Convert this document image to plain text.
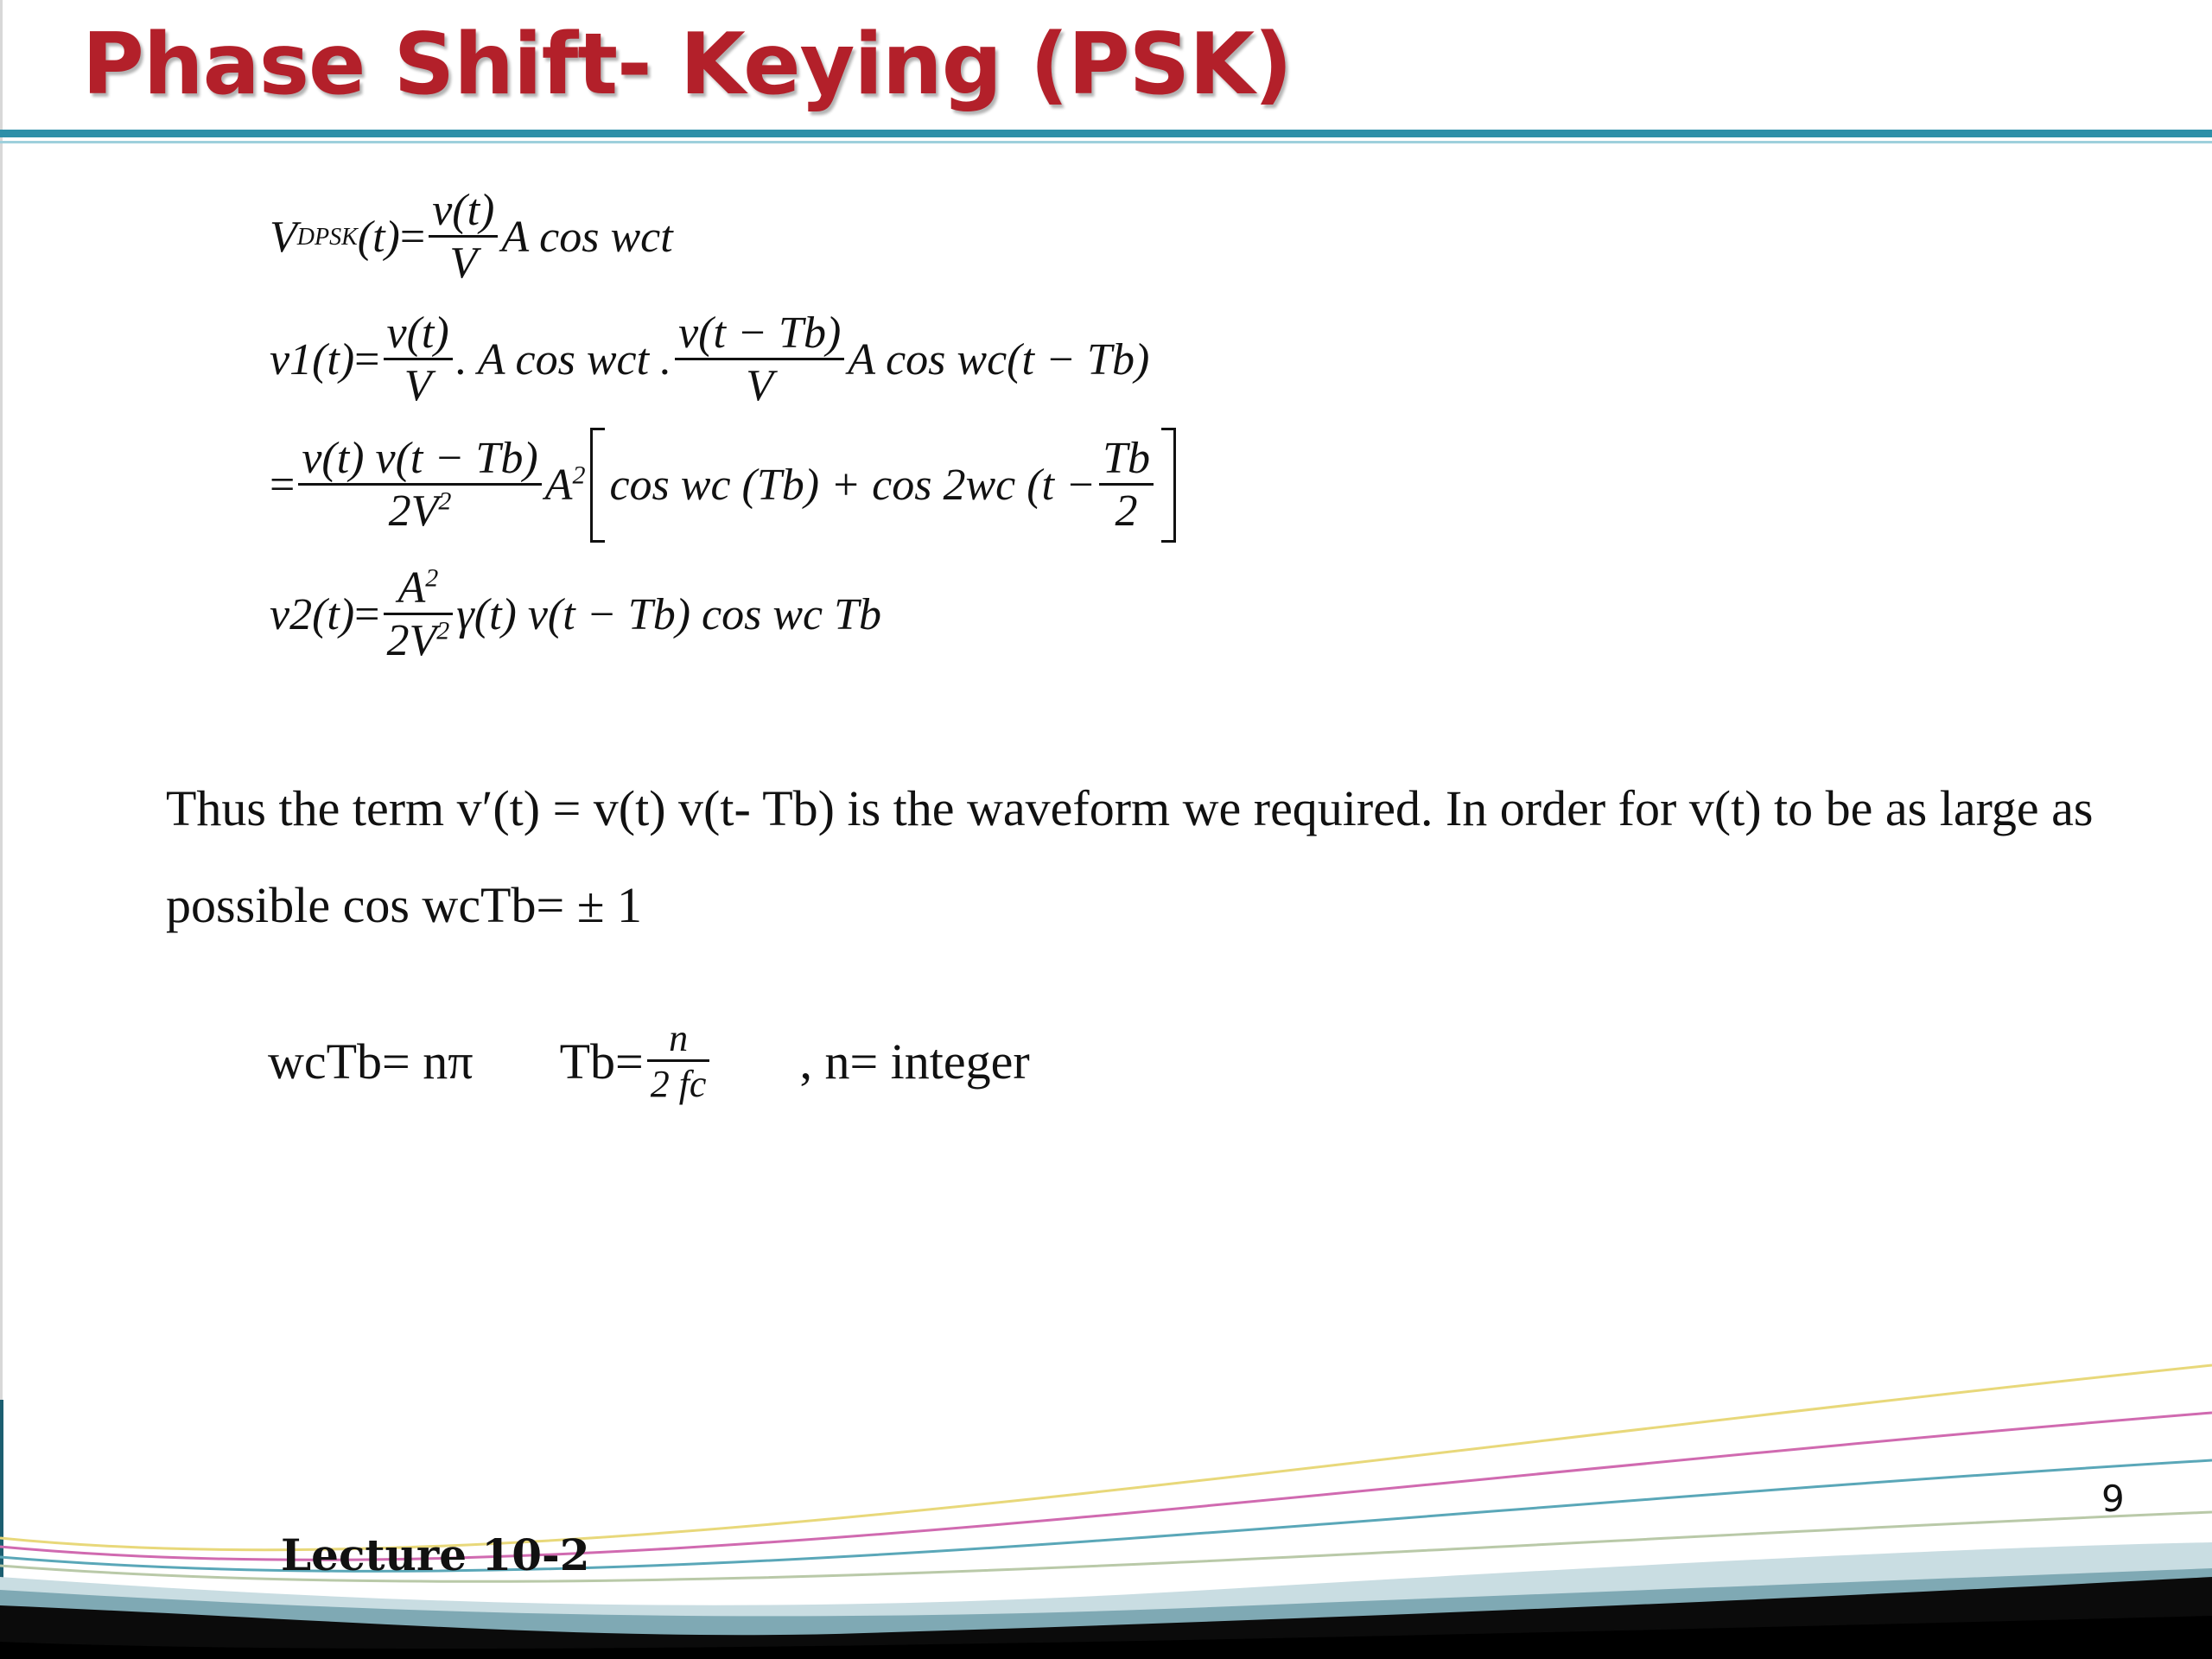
Phase Shift- Keying (PSK)
V DPSK $(t) = \frac{v(t)}{V}$ A cos wct
$v1(t) = \frac{v(t)}{V}$ . A cos wct . $\frac{v(t - Tb)}{V}$ A cos wc(t − Tb)
= $\frac{v(t) v(t - Tb)}{2V^2} A^2$ cos wc (Tb) + cos 2wc ($t - \frac{Tb}{2}$
$v2(t) = \frac{A^2}{2V^2} \gamma(t) v(t - Tb)$ cos wc Tb
Thus the term v′(t) = v(t) v(t- Tb) is the waveform we required. In order for v(t) to be as large as possible cos wcTb= ± 1
wcTb= nπ $Tb= \frac{n}{2 fc}$ , n= integer
Lecture 10-2
9
